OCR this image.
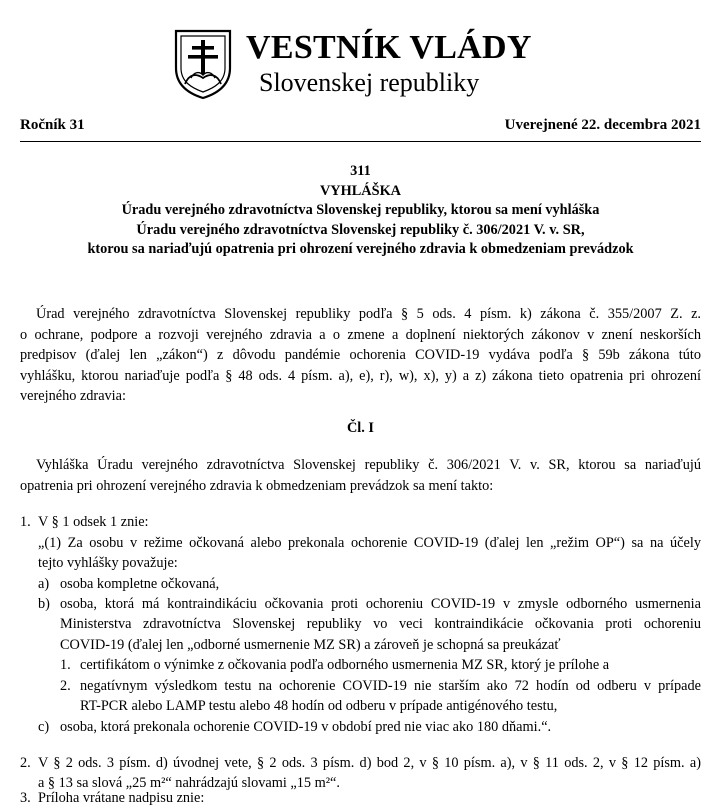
VESTNÍK VLÁDY
Slovenskej republiky
Ročník 31	Uverejnené 22. decembra 2021
311
VYHLÁŠKA
Úradu verejného zdravotníctva Slovenskej republiky, ktorou sa mení vyhláška
Úradu verejného zdravotníctva Slovenskej republiky č. 306/2021 V. v. SR,
ktorou sa nariaďujú opatrenia pri ohrození verejného zdravia k obmedzeniam prevádzok
Úrad verejného zdravotníctva Slovenskej republiky podľa § 5 ods. 4 písm. k) zákona č. 355/2007 Z. z.
o ochrane, podpore a rozvoji verejného zdravia a o zmene a doplnení niektorých zákonov v znení neskorších
predpisov (ďalej len „zákon“) z dôvodu pandémie ochorenia COVID-19 vydáva podľa § 59b zákona túto
vyhlášku, ktorou nariaďuje podľa § 48 ods. 4 písm. a), e), r), w), x), y) a z) zákona tieto opatrenia pri ohrození
verejného zdravia:
Čl. I
Vyhláška Úradu verejného zdravotníctva Slovenskej republiky č. 306/2021 V. v. SR, ktorou sa nariaďujú
opatrenia pri ohrození verejného zdravia k obmedzeniam prevádzok sa mení takto:
1. V § 1 odsek 1 znie:
„(1) Za osobu v režime očkovaná alebo prekonala ochorenie COVID-19 (ďalej len „režim OP“) sa na účely
tejto vyhlášky považuje:
a) osoba kompletne očkovaná,
b) osoba, ktorá má kontraindikáciu očkovania proti ochoreniu COVID-19 v zmysle odborného usmernenia
Ministerstva zdravotníctva Slovenskej republiky vo veci kontraindikácie očkovania proti ochoreniu
COVID-19 (ďalej len „odborné usmernenie MZ SR) a zároveň je schopná sa preukázať
1. certifikátom o výnimke z očkovania podľa odborného usmernenia MZ SR, ktorý je prílohe a
2. negatívnym výsledkom testu na ochorenie COVID-19 nie starším ako 72 hodín od odberu v prípade
RT-PCR alebo LAMP testu alebo 48 hodín od odberu v prípade antigénového testu,
c) osoba, ktorá prekonala ochorenie COVID-19 v období pred nie viac ako 180 dňami.“.
2. V § 2 ods. 3 písm. d) úvodnej vete, § 2 ods. 3 písm. d) bod 2, v § 10 písm. a), v § 11 ods. 2, v § 12 písm. a)
a § 13 sa slová „25 m²“ nahrádzajú slovami „15 m²“.
3. Príloha vrátane nadpisu znie:
